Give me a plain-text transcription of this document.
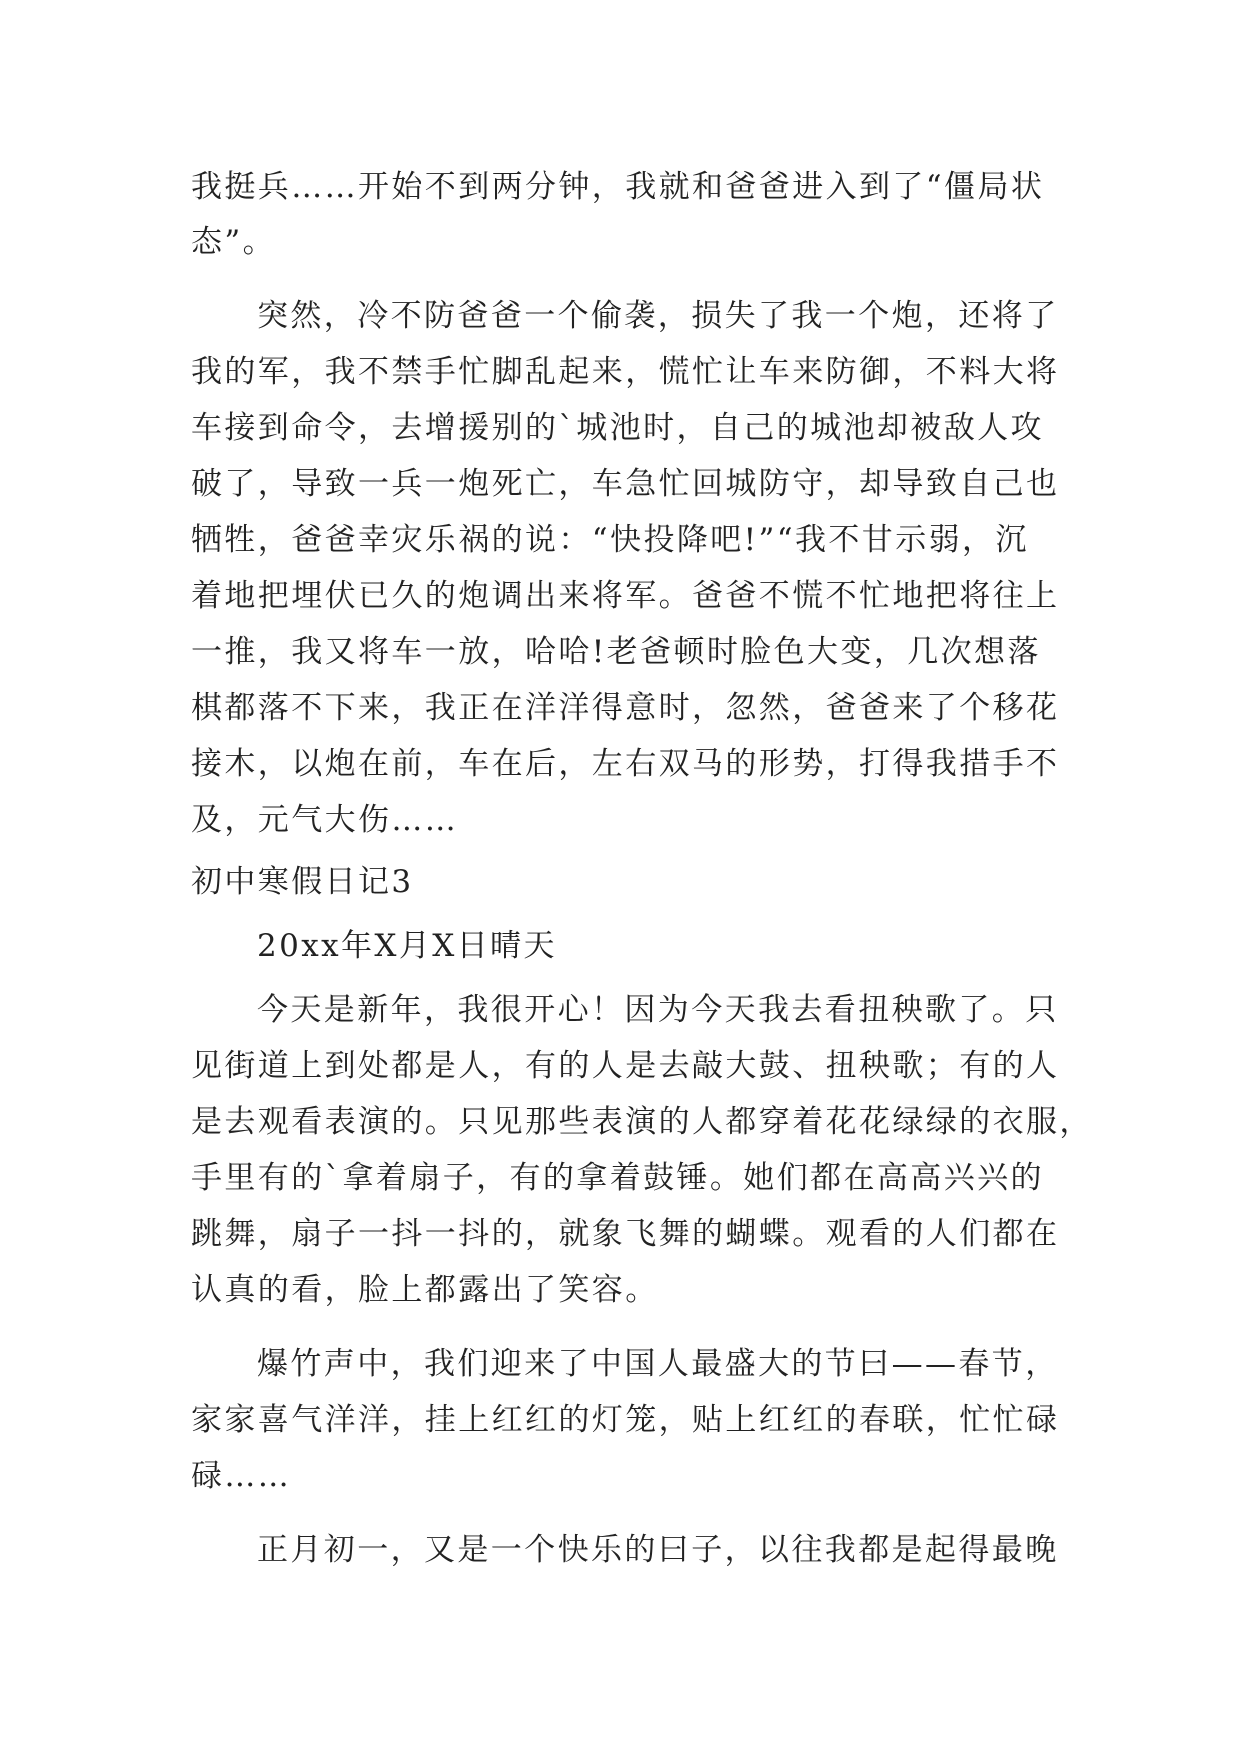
我挺兵……开始不到两分钟，我就和爸爸进入到了“僵局状
态”。
突然，冷不防爸爸一个偷袭，损失了我一个炮，还将了
我的军，我不禁手忙脚乱起来，慌忙让车来防御，不料大将
车接到命令，去增援别的`城池时，自己的城池却被敌人攻
破了，导致一兵一炮死亡，车急忙回城防守，却导致自己也
牺牲，爸爸幸灾乐祸的说：“快投降吧!”“我不甘示弱，沉
着地把埋伏已久的炮调出来将军。爸爸不慌不忙地把将往上
一推，我又将车一放，哈哈!老爸顿时脸色大变，几次想落
棋都落不下来，我正在洋洋得意时，忽然，爸爸来了个移花
接木，以炮在前，车在后，左右双马的形势，打得我措手不
及，元气大伤……
初中寒假日记3
20xx年X月X日晴天
今天是新年，我很开心！因为今天我去看扭秧歌了。只
见街道上到处都是人，有的人是去敲大鼓、扭秧歌；有的人
是去观看表演的。只见那些表演的人都穿着花花绿绿的衣服，
手里有的`拿着扇子，有的拿着鼓锤。她们都在高高兴兴的
跳舞，扇子一抖一抖的，就象飞舞的蝴蝶。观看的人们都在
认真的看，脸上都露出了笑容。
爆竹声中，我们迎来了中国人最盛大的节曰——春节，
家家喜气洋洋，挂上红红的灯笼，贴上红红的春联，忙忙碌
碌……
正月初一，又是一个快乐的曰子，以往我都是起得最晚
